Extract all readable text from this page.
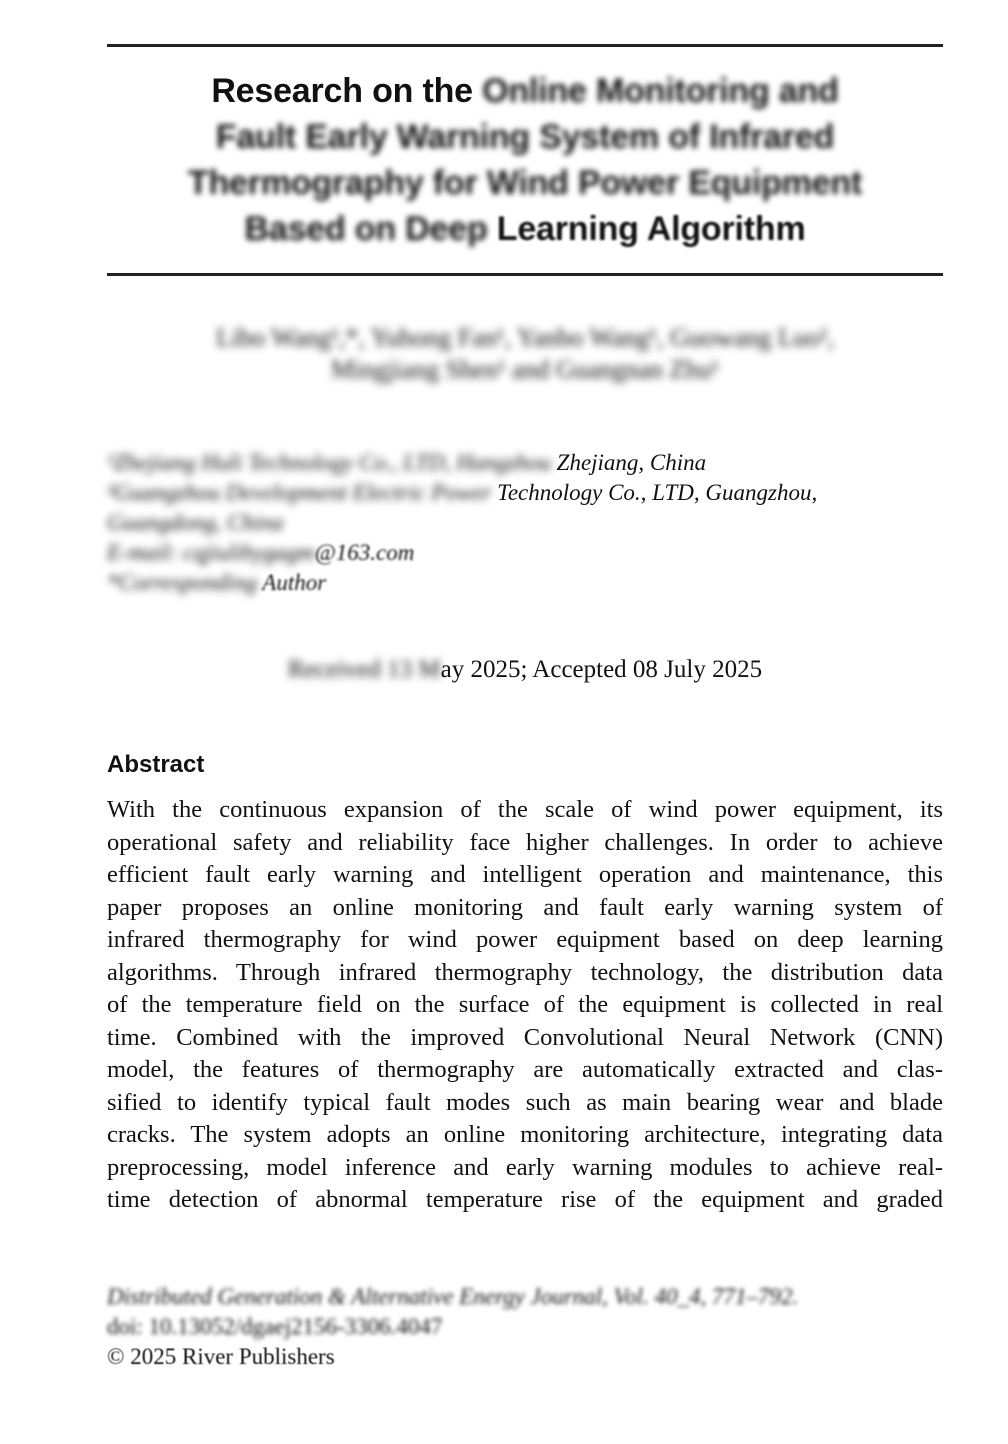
Research on the Online Monitoring and
Fault Early Warning System of Infrared
Thermography for Wind Power Equipment
Based on Deep Learning Algorithm
Libo Wang¹,*, Yuhong Fan¹, Yanbo Wang¹, Guowang Luo²,
Mingjiang Shen¹ and Guangnan Zhu¹
¹Zhejiang Huli Technology Co., LTD, Hangzhou Zhejiang, China
²Guangzhou Development Electric Power Technology Co., LTD, Guangzhou,
Guangdong, China
E-mail: cqjiulihygagm@163.com
*Corresponding Author
Received 13 May 2025; Accepted 08 July 2025
Abstract
With the continuous expansion of the scale of wind power equipment, its
operational safety and reliability face higher challenges. In order to achieve
efficient fault early warning and intelligent operation and maintenance, this
paper proposes an online monitoring and fault early warning system of
infrared thermography for wind power equipment based on deep learning
algorithms. Through infrared thermography technology, the distribution data
of the temperature field on the surface of the equipment is collected in real
time. Combined with the improved Convolutional Neural Network (CNN)
model, the features of thermography are automatically extracted and clas-
sified to identify typical fault modes such as main bearing wear and blade
cracks. The system adopts an online monitoring architecture, integrating data
preprocessing, model inference and early warning modules to achieve real-
time detection of abnormal temperature rise of the equipment and graded
Distributed Generation & Alternative Energy Journal, Vol. 40_4, 771–792.
doi: 10.13052/dgaej2156-3306.4047
© 2025 River Publishers
